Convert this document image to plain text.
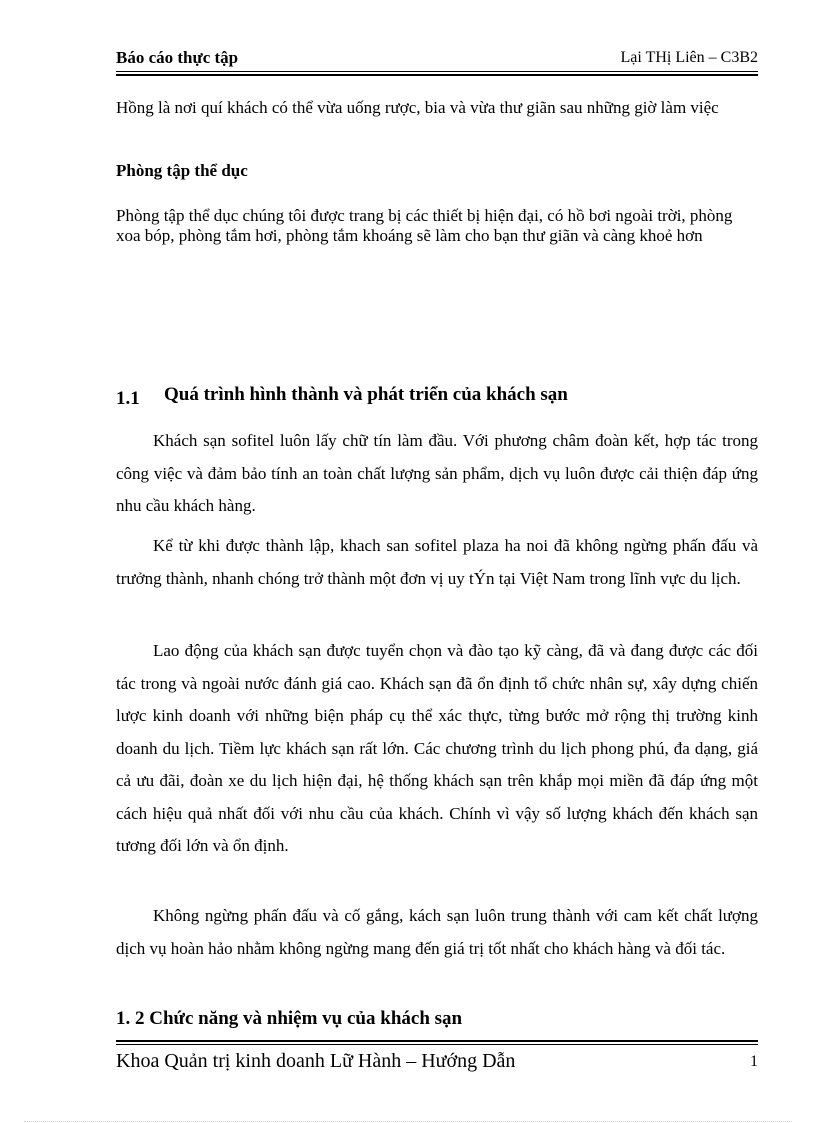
Báo cáo thực tập	Lại THị Liên – C3B2

Hồng là nơi quí khách có thể vừa uống rược, bia và vừa thư giãn sau những giờ làm việc

Phòng tập thể dục

Phòng tập thể dục chúng tôi được trang bị các thiết bị hiện đại, có hồ bơi ngoài trời, phòng xoa bóp, phòng tắm hơi, phòng tắm khoáng sẽ làm cho bạn thư giãn và càng khoẻ hơn

1.1 Quá trình hình thành và phát triển của khách sạn

Khách sạn sofitel luôn lấy chữ tín làm đầu. Với phương châm đoàn kết, hợp tác trong công việc và đảm bảo tính an toàn chất lượng sản phẩm, dịch vụ luôn được cải thiện đáp ứng nhu cầu khách hàng.

Kể từ khi được thành lập, khach san sofitel plaza ha noi đã không ngừng phấn đấu và trưởng thành, nhanh chóng trở thành một đơn vị uy tÝn tại Việt Nam trong lĩnh vực du lịch.

Lao động của khách sạn được tuyển chọn và đào tạo kỹ càng, đã và đang được các đối tác trong và ngoài nước đánh giá cao. Khách sạn đã ổn định tổ chức nhân sự, xây dựng chiến lược kinh doanh với những biện pháp cụ thể xác thực, từng bước mở rộng thị trường kinh doanh du lịch. Tiềm lực khách sạn rất lớn. Các chương trình du lịch phong phú, đa dạng, giá cả ưu đãi, đoàn xe du lịch hiện đại, hệ thống khách sạn trên khắp mọi miền đã đáp ứng một cách hiệu quả nhất đối với nhu cầu của khách. Chính vì vậy số lượng khách đến khách sạn tương đối lớn và ổn định.

Không ngừng phấn đấu và cố gắng, kách sạn luôn trung thành với cam kết chất lượng dịch vụ hoàn hảo nhằm không ngừng mang đến giá trị tốt nhất cho khách hàng và đối tác.

1. 2 Chức năng và nhiệm vụ của khách sạn
Khoa Quản trị kinh doanh Lữ Hành – Hướng Dẫn	1
